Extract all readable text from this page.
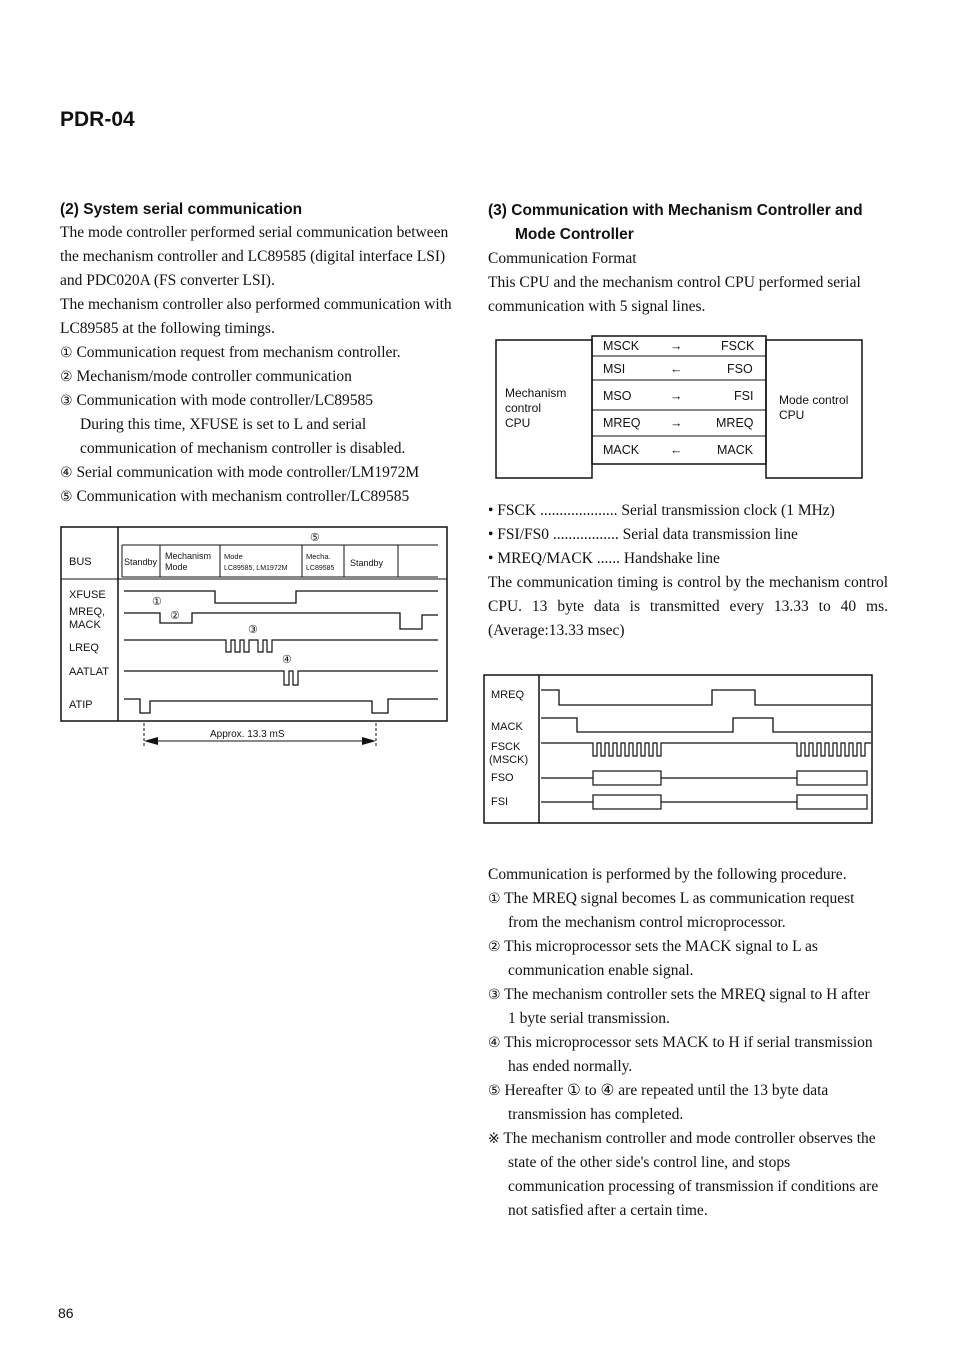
PDR-04
(2) System serial communication

The mode controller performed serial communication between the mechanism controller and LC89585 (digital interface LSI) and PDC020A (FS converter LSI).

The mechanism controller also performed communication with LC89585 at the following timings.

① Communication request from mechanism controller.

② Mechanism/mode controller communication

③ Communication with mode controller/LC89585

During this time, XFUSE is set to L and serial communication of mechanism controller is disabled.

④ Serial communication with mode controller/LM1972M

⑤ Communication with mechanism controller/LC89585

BUS
XFUSE
MREQ,
MACK
LREQ
AATLAT
ATIP
⑤
Standby
Mechanism
Mode
Mode
LC89585, LM1972M
Mecha.
LC89585
Standby
①
②
③
④
Approx. 13.3 mS
(3) Communication with Mechanism Controller and
Mode Controller

Communication Format

This CPU and the mechanism control CPU performed serial communication with 5 signal lines.

Mechanism
control
CPU
Mode control
CPU
MSCK →	FSCK
MSI	←	FSO
MSO	→	FSI
MREQ →	MREQ
MACK ←	MACK

• FSCK .................... Serial transmission clock (1 MHz)

• FSI/FS0 ................. Serial data transmission line

• MREQ/MACK ...... Handshake line

The communication timing is control by the mechanism control CPU. 13 byte data is transmitted every 13.33 to 40 ms. (Average:13.33 msec)

MREQ
MACK
FSCK
(MSCK)
FSO
FSI

Communication is performed by the following procedure.

① The MREQ signal becomes L as communication request from the mechanism control microprocessor.

② This microprocessor sets the MACK signal to L as communication enable signal.

③ The mechanism controller sets the MREQ signal to H after 1 byte serial transmission.

④ This microprocessor sets MACK to H if serial transmission has ended normally.

⑤ Hereafter ① to ④ are repeated until the 13 byte data transmission has completed.

※ The mechanism controller and mode controller observes the state of the other side's control line, and stops communication processing of transmission if conditions are not satisfied after a certain time.

86
